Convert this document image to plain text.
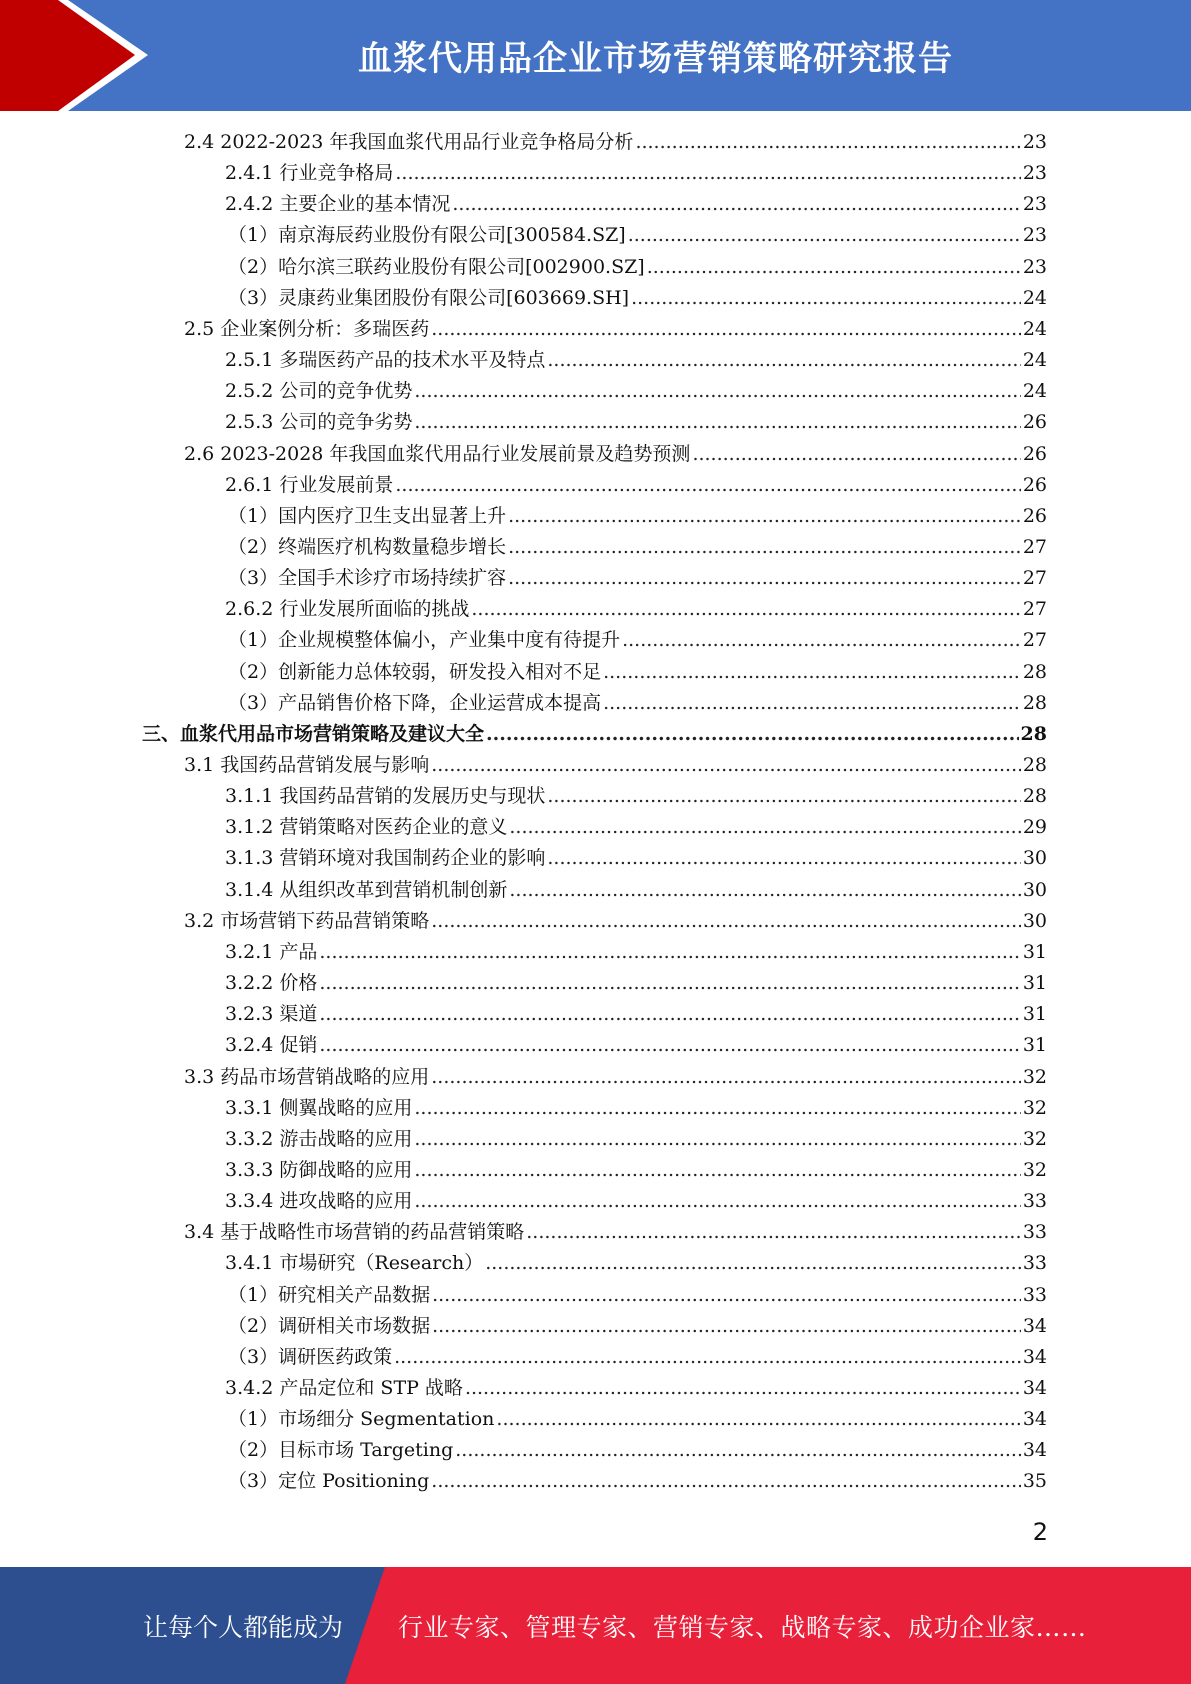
血浆代用品企业市场营销策略研究报告
2.4 2022-2023 年我国血浆代用品行业竞争格局分析 .....	23
2.4.1 行业竞争格局 .....	23
2.4.2 主要企业的基本情况 .....	23
（1）南京海辰药业股份有限公司[300584.SZ] .....	23
（2）哈尔滨三联药业股份有限公司[002900.SZ] .....	23
（3）灵康药业集团股份有限公司[603669.SH] .....	24
2.5 企业案例分析：多瑞医药 .....	24
2.5.1 多瑞医药产品的技术水平及特点 .....	24
2.5.2 公司的竞争优势 .....	24
2.5.3 公司的竞争劣势 .....	26
2.6 2023-2028 年我国血浆代用品行业发展前景及趋势预测 .....	26
2.6.1 行业发展前景 .....	26
（1）国内医疗卫生支出显著上升 .....	26
（2）终端医疗机构数量稳步增长 .....	27
（3）全国手术诊疗市场持续扩容 .....	27
2.6.2 行业发展所面临的挑战 .....	27
（1）企业规模整体偏小，产业集中度有待提升 .....	27
（2）创新能力总体较弱，研发投入相对不足 .....	28
（3）产品销售价格下降，企业运营成本提高 .....	28
三、血浆代用品市场营销策略及建议大全 .....	28
3.1 我国药品营销发展与影响 .....	28
3.1.1 我国药品营销的发展历史与现状 .....	28
3.1.2 营销策略对医药企业的意义 .....	29
3.1.3 营销环境对我国制药企业的影响 .....	30
3.1.4 从组织改革到营销机制创新 .....	30
3.2 市场营销下药品营销策略 .....	30
3.2.1 产品 .....	31
3.2.2 价格 .....	31
3.2.3 渠道 .....	31
3.2.4 促销 .....	31
3.3 药品市场营销战略的应用 .....	32
3.3.1 侧翼战略的应用 .....	32
3.3.2 游击战略的应用 .....	32
3.3.3 防御战略的应用 .....	32
3.3.4 进攻战略的应用 .....	33
3.4 基于战略性市场营销的药品营销策略 .....	33
3.4.1 市場研究（Research） .....	33
（1）研究相关产品数据 .....	33
（2）调研相关市场数据 .....	34
（3）调研医药政策 .....	34
3.4.2 产品定位和 STP 战略 .....	34
（1）市场细分 Segmentation .....	34
（2）目标市场 Targeting .....	34
（3）定位 Positioning .....	35
2
让每个人都能成为 行业专家、管理专家、营销专家、战略专家、成功企业家……
